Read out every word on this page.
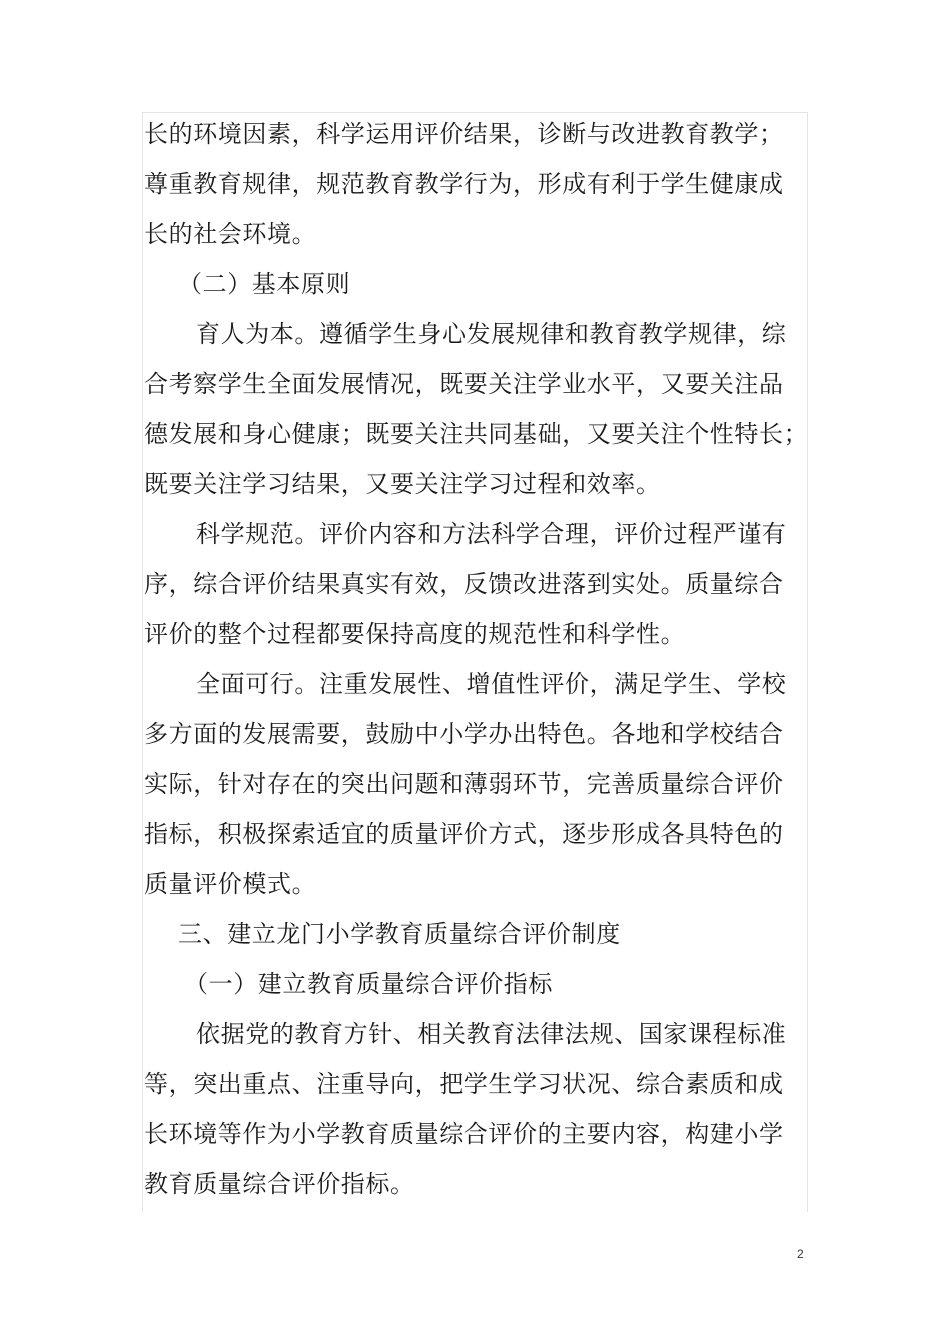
长的环境因素，科学运用评价结果，诊断与改进教育教学；
尊重教育规律，规范教育教学行为，形成有利于学生健康成
长的社会环境。
（二）基本原则
育人为本。遵循学生身心发展规律和教育教学规律，综
合考察学生全面发展情况，既要关注学业水平，又要关注品
德发展和身心健康；既要关注共同基础，又要关注个性特长；
既要关注学习结果，又要关注学习过程和效率。
科学规范。评价内容和方法科学合理，评价过程严谨有
序，综合评价结果真实有效，反馈改进落到实处。质量综合
评价的整个过程都要保持高度的规范性和科学性。
全面可行。注重发展性、增值性评价，满足学生、学校
多方面的发展需要，鼓励中小学办出特色。各地和学校结合
实际，针对存在的突出问题和薄弱环节，完善质量综合评价
指标，积极探索适宜的质量评价方式，逐步形成各具特色的
质量评价模式。
三、建立龙门小学教育质量综合评价制度
（一）建立教育质量综合评价指标
依据党的教育方针、相关教育法律法规、国家课程标准
等，突出重点、注重导向，把学生学习状况、综合素质和成
长环境等作为小学教育质量综合评价的主要内容，构建小学
教育质量综合评价指标。
2
